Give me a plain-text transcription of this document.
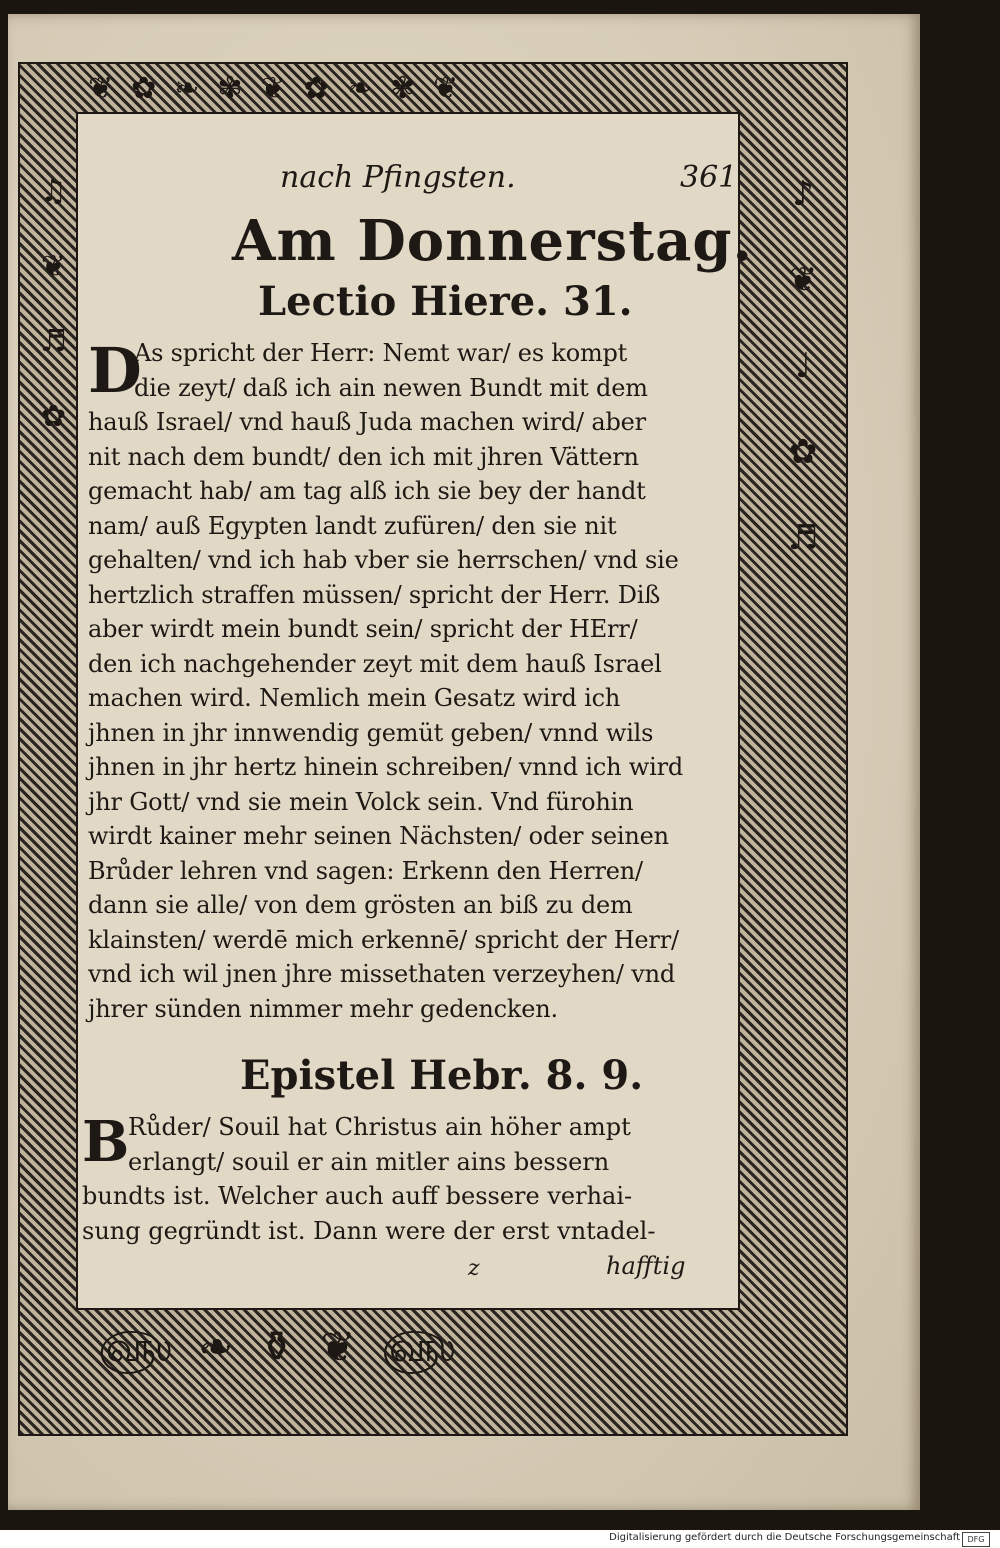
❦✿❧✾❦✿❧✾❦
௵❧⚱❦௵
♫❦♬✿	♪❦♩✿♬
nach Pfingsten.	361
Am Donnerstag.
Lectio Hiere. 31.
D
As spricht der Herr: Nemt war/ es kompt
die zeyt/ daß ich ain newen Bundt mit dem
hauß Israel/ vnd hauß Juda machen wird/ aber
nit nach dem bundt/ den ich mit jhren Vättern
gemacht hab/ am tag alß ich sie bey der handt
nam/ auß Egypten landt zufüren/ den sie nit
gehalten/ vnd ich hab vber sie herrschen/ vnd sie
hertzlich straffen müssen/ spricht der Herr. Diß
aber wirdt mein bundt sein/ spricht der HErr/
den ich nachgehender zeyt mit dem hauß Israel
machen wird. Nemlich mein Gesatz wird ich
jhnen in jhr innwendig gemüt geben/ vnnd wils
jhnen in jhr hertz hinein schreiben/ vnnd ich wird
jhr Gott/ vnd sie mein Volck sein. Vnd fürohin
wirdt kainer mehr seinen Nächsten/ oder seinen
Brůder lehren vnd sagen: Erkenn den Herren/
dann sie alle/ von dem grösten an biß zu dem
klainsten/ werdē mich erkennē/ spricht der Herr/
vnd ich wil jnen jhre missethaten verzeyhen/ vnd
jhrer sünden nimmer mehr gedencken.
Epistel Hebr. 8. 9.
B
Růder/ Souil hat Christus ain höher ampt
erlangt/ souil er ain mitler ains bessern
bundts ist. Welcher auch auff bessere verhai-
sung gegründt ist. Dann were der erst vntadel-
z	hafftig
Digitalisierung gefördert durch die Deutsche Forschungsgemeinschaft DFG
